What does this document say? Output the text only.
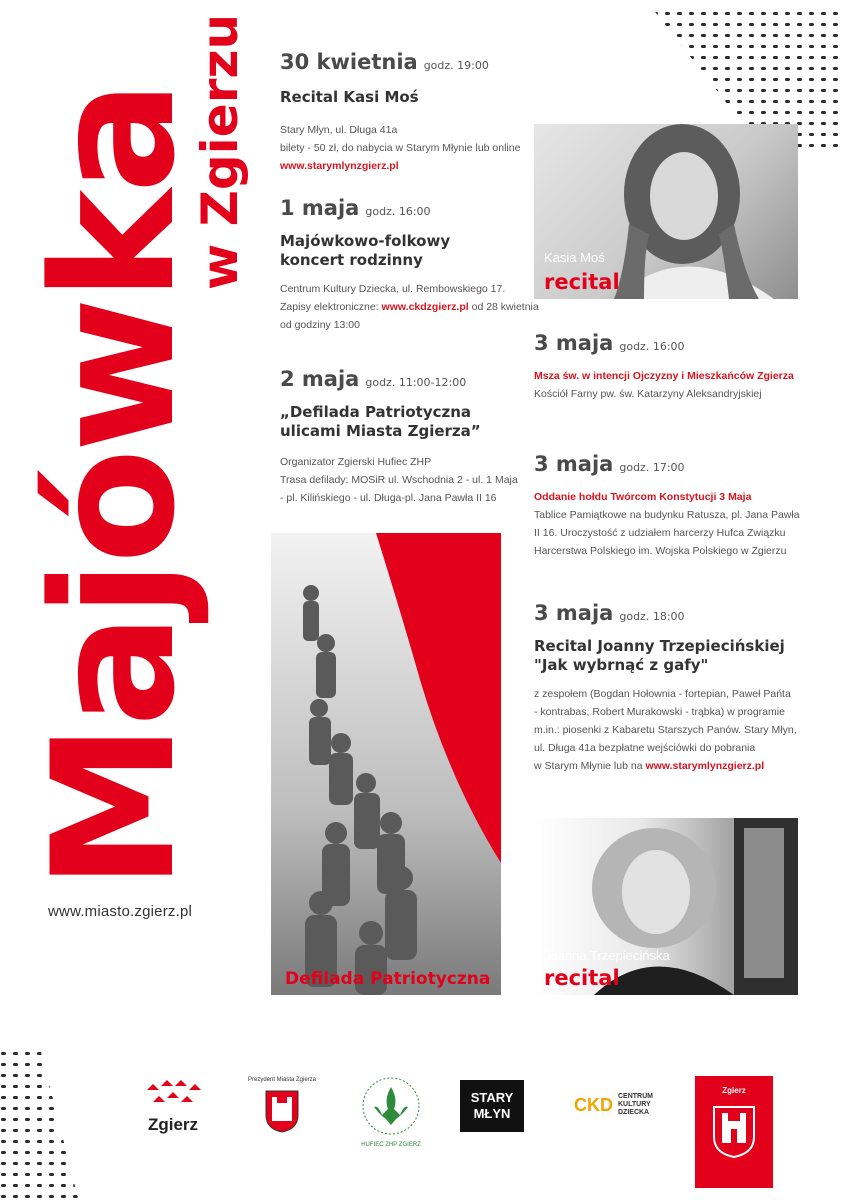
Majówka
w Zgierzu
www.miasto.zgierz.pl
30 kwietnia godz. 19:00
Recital Kasi Moś
Stary Młyn, ul. Długa 41a
bilety - 50 zł, do nabycia w Starym Młynie lub online
www.starymlynzgierz.pl
1 maja godz. 16:00
Majówkowo-folkowy
koncert rodzinny
Centrum Kultury Dziecka, ul. Rembowskiego 17.
Zapisy elektroniczne: www.ckdzgierz.pl od 28 kwietnia
od godziny 13:00
2 maja godz. 11:00-12:00
„Defilada Patriotyczna
ulicami Miasta Zgierza”
Organizator Zgierski Hufiec ZHP
Trasa defilady: MOSiR ul. Wschodnia 2 - ul. 1 Maja
- pl. Kilińskiego - ul. Długa-pl. Jana Pawła II 16
Kasia Moś
recital
3 maja godz. 16:00
Msza św. w intencji Ojczyzny i Mieszkańców Zgierza
Kościół Farny pw. św. Katarzyny Aleksandryjskiej
3 maja godz. 17:00
Oddanie hołdu Twórcom Konstytucji 3 Maja
Tablice Pamiątkowe na budynku Ratusza, pl. Jana Pawła
II 16. Uroczystość z udziałem harcerzy Hufca Związku
Harcerstwa Polskiego im. Wojska Polskiego w Zgierzu
3 maja godz. 18:00
Recital Joanny Trzepiecińskiej
"Jak wybrnąć z gafy"
z zespołem (Bogdan Hołownia - fortepian, Paweł Pańta
- kontrabas, Robert Murakowski - trąbka) w programie
m.in.: piosenki z Kabaretu Starszych Panów. Stary Młyn,
ul. Długa 41a bezpłatne wejściówki do pobrania
w Starym Młynie lub na www.starymlynzgierz.pl
Defilada Patriotyczna
Joanna Trzepiecińska
recital
Zgierz
Prezydent Miasta Zgierza
HUFIEC ZHP ZGIERZ
STARY
MŁYN	CKD CENTRUM
KULTURY
DZIECKA
Zgierz
